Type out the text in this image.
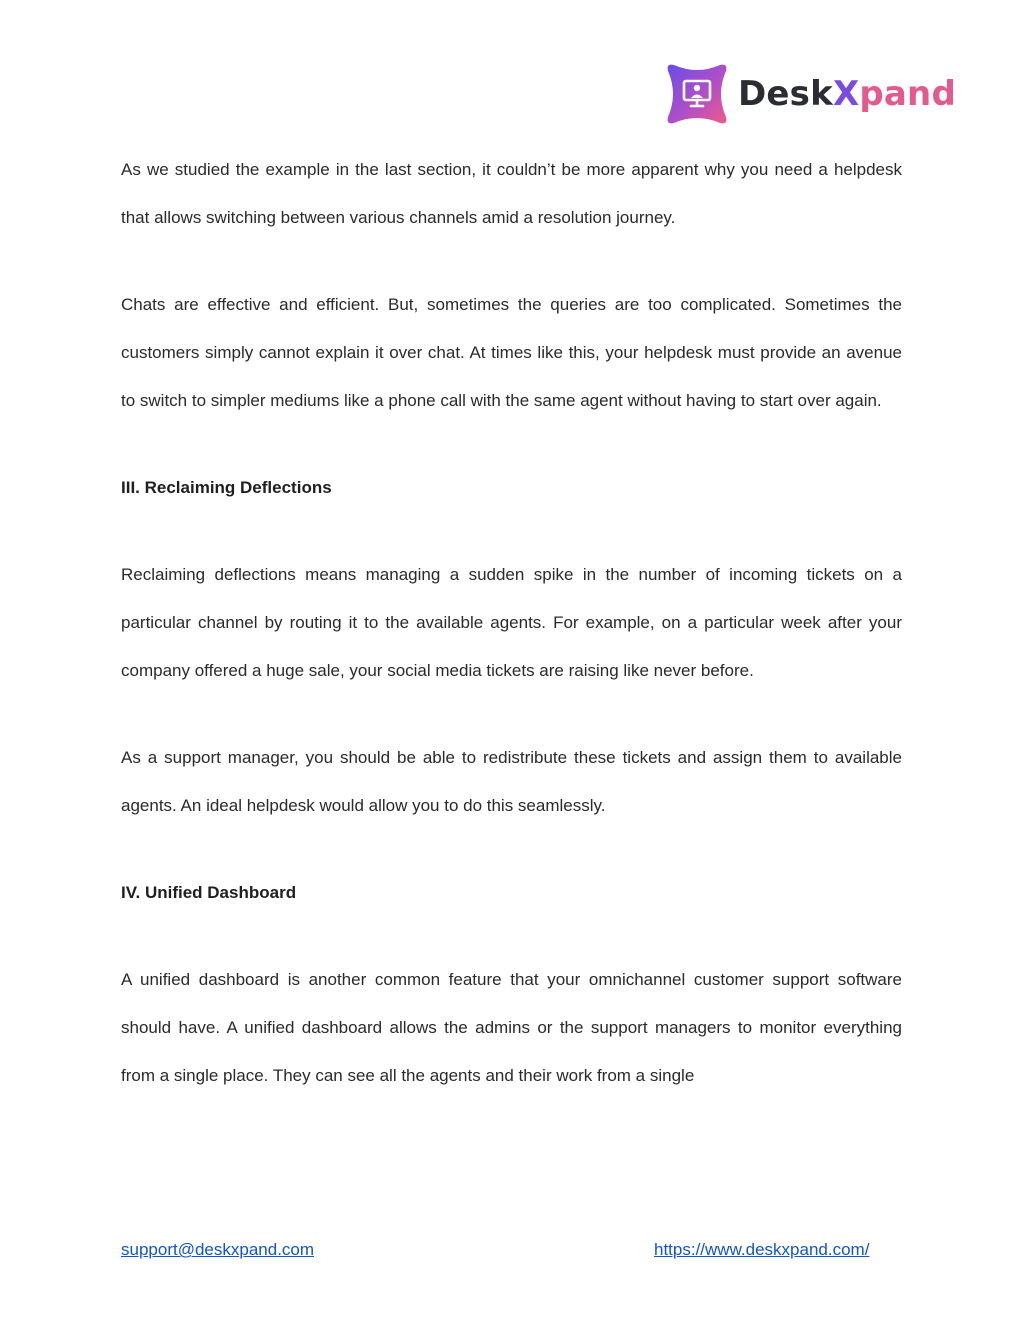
DeskXpand

As we studied the example in the last section, it couldn’t be more apparent why you need a helpdesk that allows switching between various channels amid a resolution journey.

Chats are effective and efficient. But, sometimes the queries are too complicated. Sometimes the customers simply cannot explain it over chat. At times like this, your helpdesk must provide an avenue to switch to simpler mediums like a phone call with the same agent without having to start over again.

III. Reclaiming Deflections

Reclaiming deflections means managing a sudden spike in the number of incoming tickets on a particular channel by routing it to the available agents. For example, on a particular week after your company offered a huge sale, your social media tickets are raising like never before.

As a support manager, you should be able to redistribute these tickets and assign them to available agents. An ideal helpdesk would allow you to do this seamlessly.

IV. Unified Dashboard

A unified dashboard is another common feature that your omnichannel customer support software should have. A unified dashboard allows the admins or the support managers to monitor everything from a single place. They can see all the agents and their work from a single

support@deskxpand.com	https://www.deskxpand.com/
